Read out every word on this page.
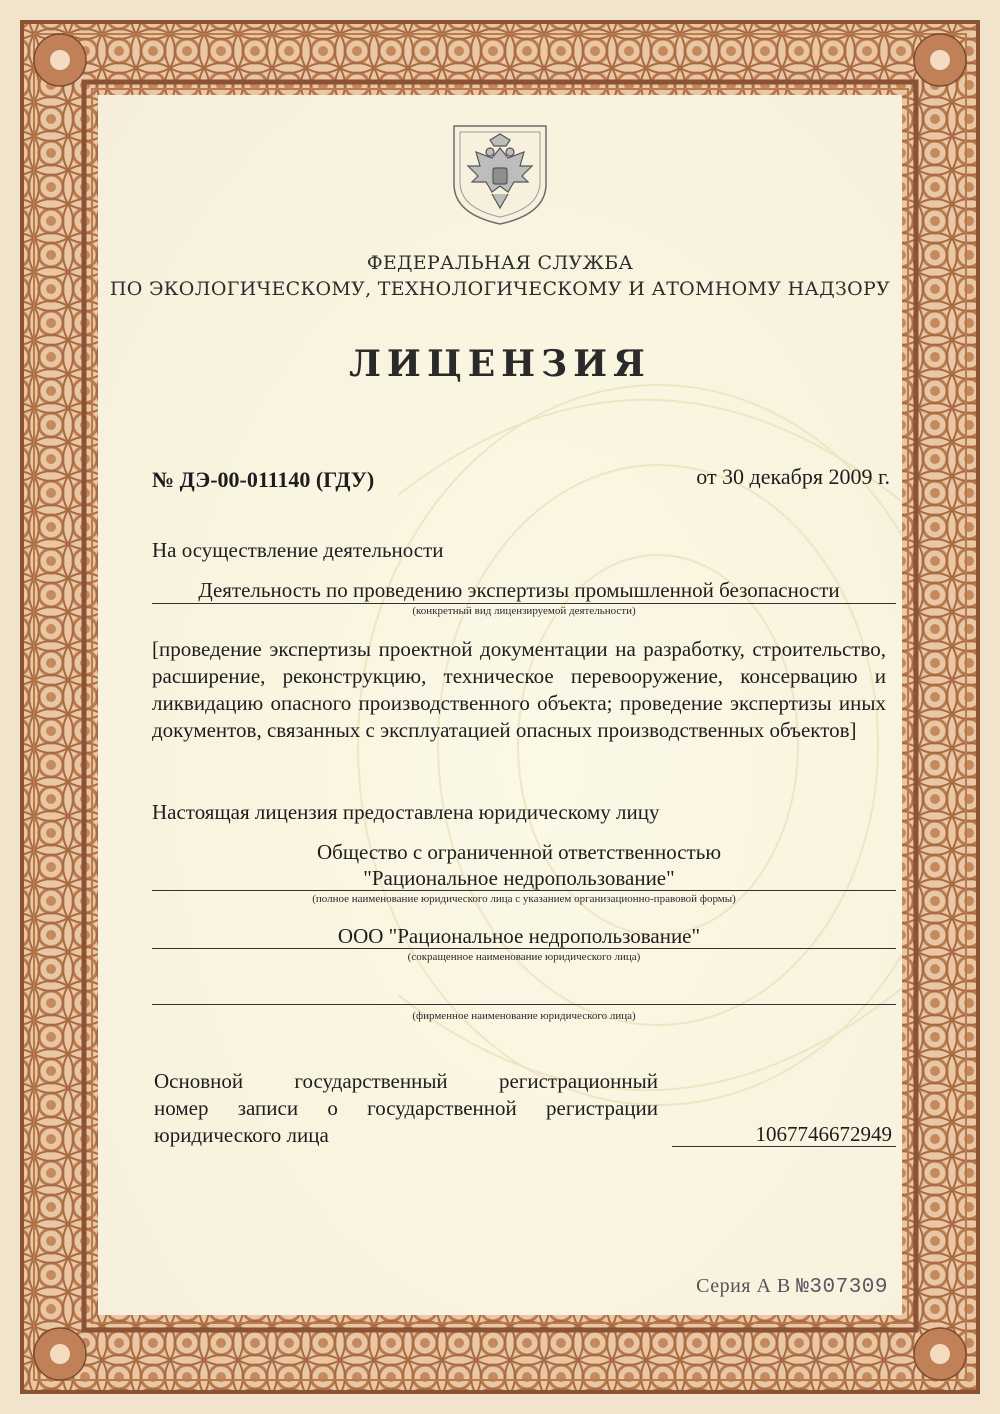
ФЕДЕРАЛЬНАЯ СЛУЖБА
ПО ЭКОЛОГИЧЕСКОМУ, ТЕХНОЛОГИЧЕСКОМУ И АТОМНОМУ НАДЗОРУ
ЛИЦЕНЗИЯ
№ ДЭ-00-011140 (ГДУ)	от 30 декабря 2009 г.
На осуществление деятельности
Деятельность по проведению экспертизы промышленной безопасности
(конкретный вид лицензируемой деятельности)
[проведение экспертизы проектной документации на разработку, строительство, расширение, реконструкцию, техническое перевооружение, консервацию и ликвидацию опасного производственного объекта; проведение экспертизы иных документов, связанных с эксплуатацией опасных производственных объектов]
Настоящая лицензия предоставлена юридическому лицу
Общество с ограниченной ответственностью
"Рациональное недропользование"
(полное наименование юридического лица с указанием организационно-правовой формы)
ООО "Рациональное недропользование"
(сокращенное наименование юридического лица)
(фирменное наименование юридического лица)
Основной государственный регистрационный
номер записи о государственной регистрации
юридического лица	1067746672949
Серия А В №307309
